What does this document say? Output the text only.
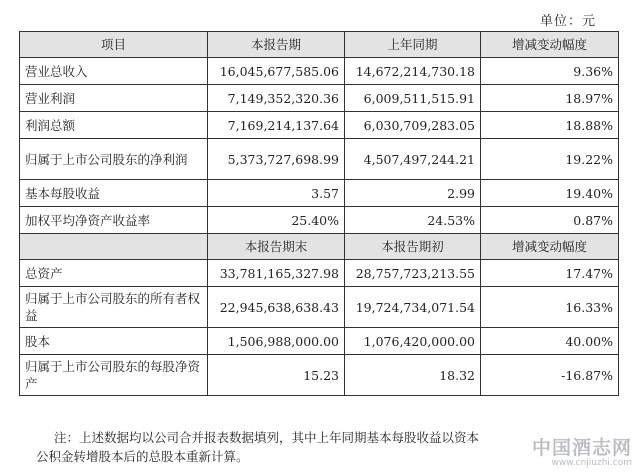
单位：元
项目	本报告期	上年同期	增减变动幅度
营业总收入	16,045,677,585.06	14,672,214,730.18	9.36%
营业利润	7,149,352,320.36	6,009,511,515.91	18.97%
利润总额	7,169,214,137.64	6,030,709,283.05	18.88%
归属于上市公司股东的净利润	5,373,727,698.99	4,507,497,244.21	19.22%
基本每股收益	3.57	2.99	19.40%
加权平均净资产收益率	25.40%	24.53%	0.87%
	本报告期末	本报告期初	增减变动幅度
总资产	33,781,165,327.98	28,757,723,213.55	17.47%
归属于上市公司股东的所有者权益	22,945,638,638.43	19,724,734,071.54	16.33%
股本	1,506,988,000.00	1,076,420,000.00	40.00%
归属于上市公司股东的每股净资产	15.23	18.32	-16.87%
注：上述数据均以公司合并报表数据填列，其中上年同期基本每股收益以资本

公积金转增股本后的总股本重新计算。	中国酒志网
www.cnjiuzhi.com
